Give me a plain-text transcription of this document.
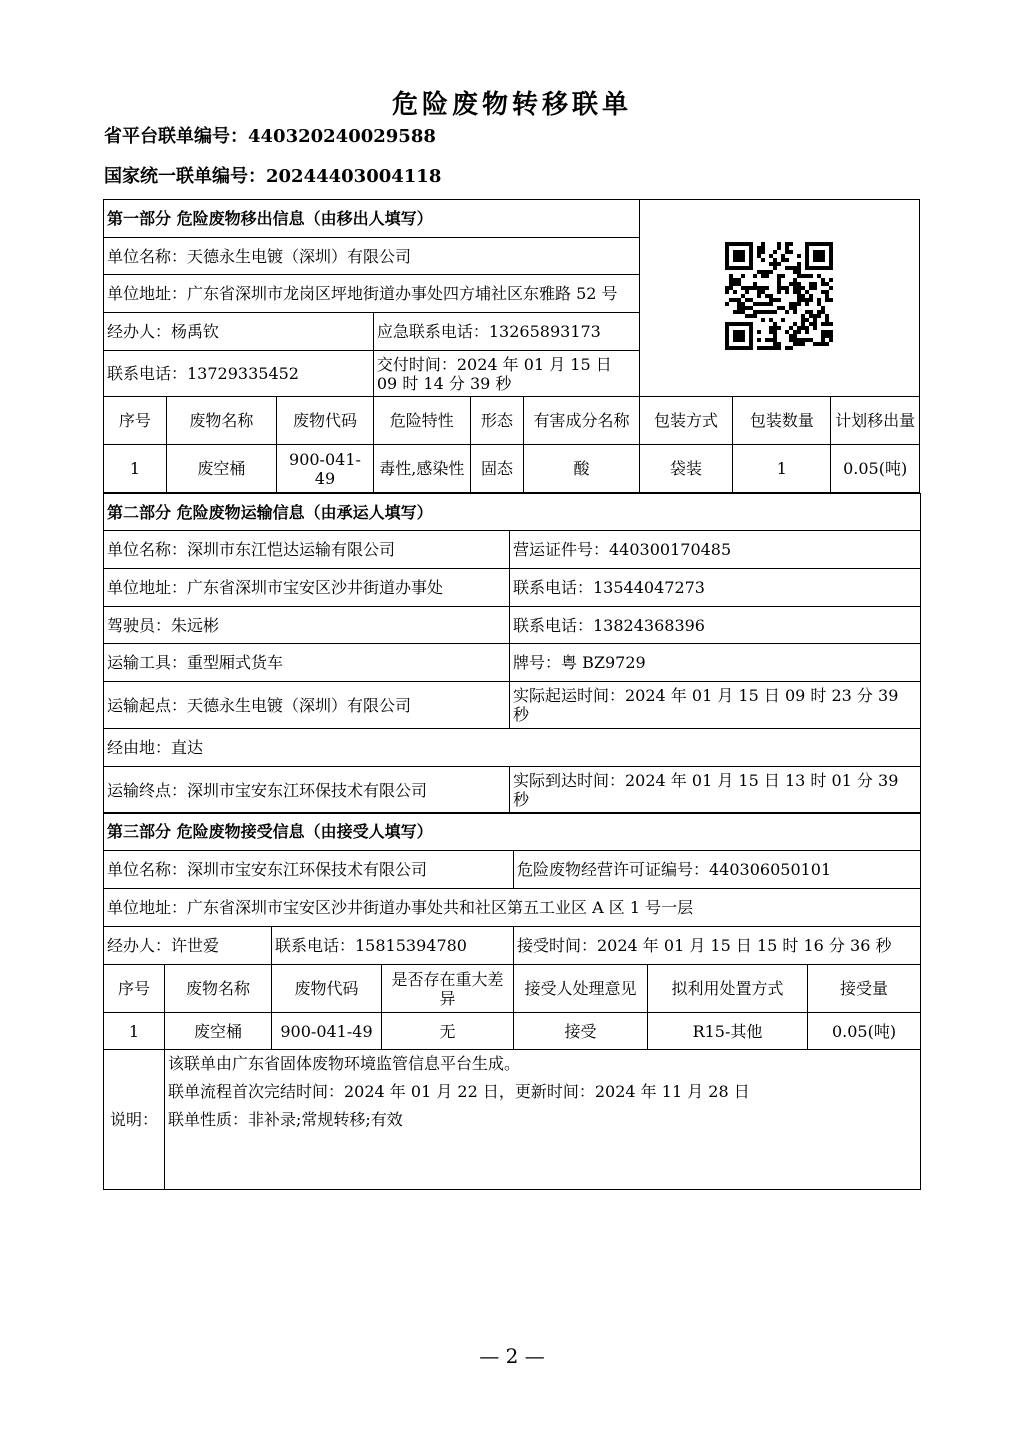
危险废物转移联单
省平台联单编号：440320240029588
国家统一联单编号：20244403004118
第一部分 危险废物移出信息（由移出人填写）	
单位名称：天德永生电镀（深圳）有限公司								
单位地址：广东省深圳市龙岗区坪地街道办事处四方埔社区东雅路 52 号								
经办人：杨禹钦			应急联系电话：13265893173					
联系电话：13729335452			交付时间：2024 年 01 月 15 日 09 时 14 分 39 秒					
序号	废物名称	废物代码	危险特性	形态	有害成分名称	包装方式	包装数量	计划移出量
1	废空桶	900-041-49	毒性,感染性	固态	酸	袋装	1	0.05(吨)
第二部分 危险废物运输信息（由承运人填写）	
单位名称：深圳市东江恺达运输有限公司	营运证件号：440300170485
单位地址：广东省深圳市宝安区沙井街道办事处	联系电话：13544047273
驾驶员：朱远彬	联系电话：13824368396
运输工具：重型厢式货车	牌号：粤 BZ9729
运输起点：天德永生电镀（深圳）有限公司	实际起运时间：2024 年 01 月 15 日 09 时 23 分 39 秒
经由地：直达	
运输终点：深圳市宝安东江环保技术有限公司	实际到达时间：2024 年 01 月 15 日 13 时 01 分 39 秒
第三部分 危险废物接受信息（由接受人填写）						
单位名称：深圳市宝安东江环保技术有限公司				危险废物经营许可证编号：440306050101		
单位地址：广东省深圳市宝安区沙井街道办事处共和社区第五工业区 A 区 1 号一层						
经办人：许世爱		联系电话：15815394780		接受时间：2024 年 01 月 15 日 15 时 16 分 36 秒		
序号	废物名称	废物代码	是否存在重大差异	接受人处理意见	拟利用处置方式	接受量
1	废空桶	900-041-49	无	接受	R15-其他	0.05(吨)
说明：	该联单由广东省固体废物环境监管信息平台生成。

联单流程首次完结时间：2024 年 01 月 22 日，更新时间：2024 年 11 月 28 日

联单性质：非补录;常规转移;有效					

— 2 —
